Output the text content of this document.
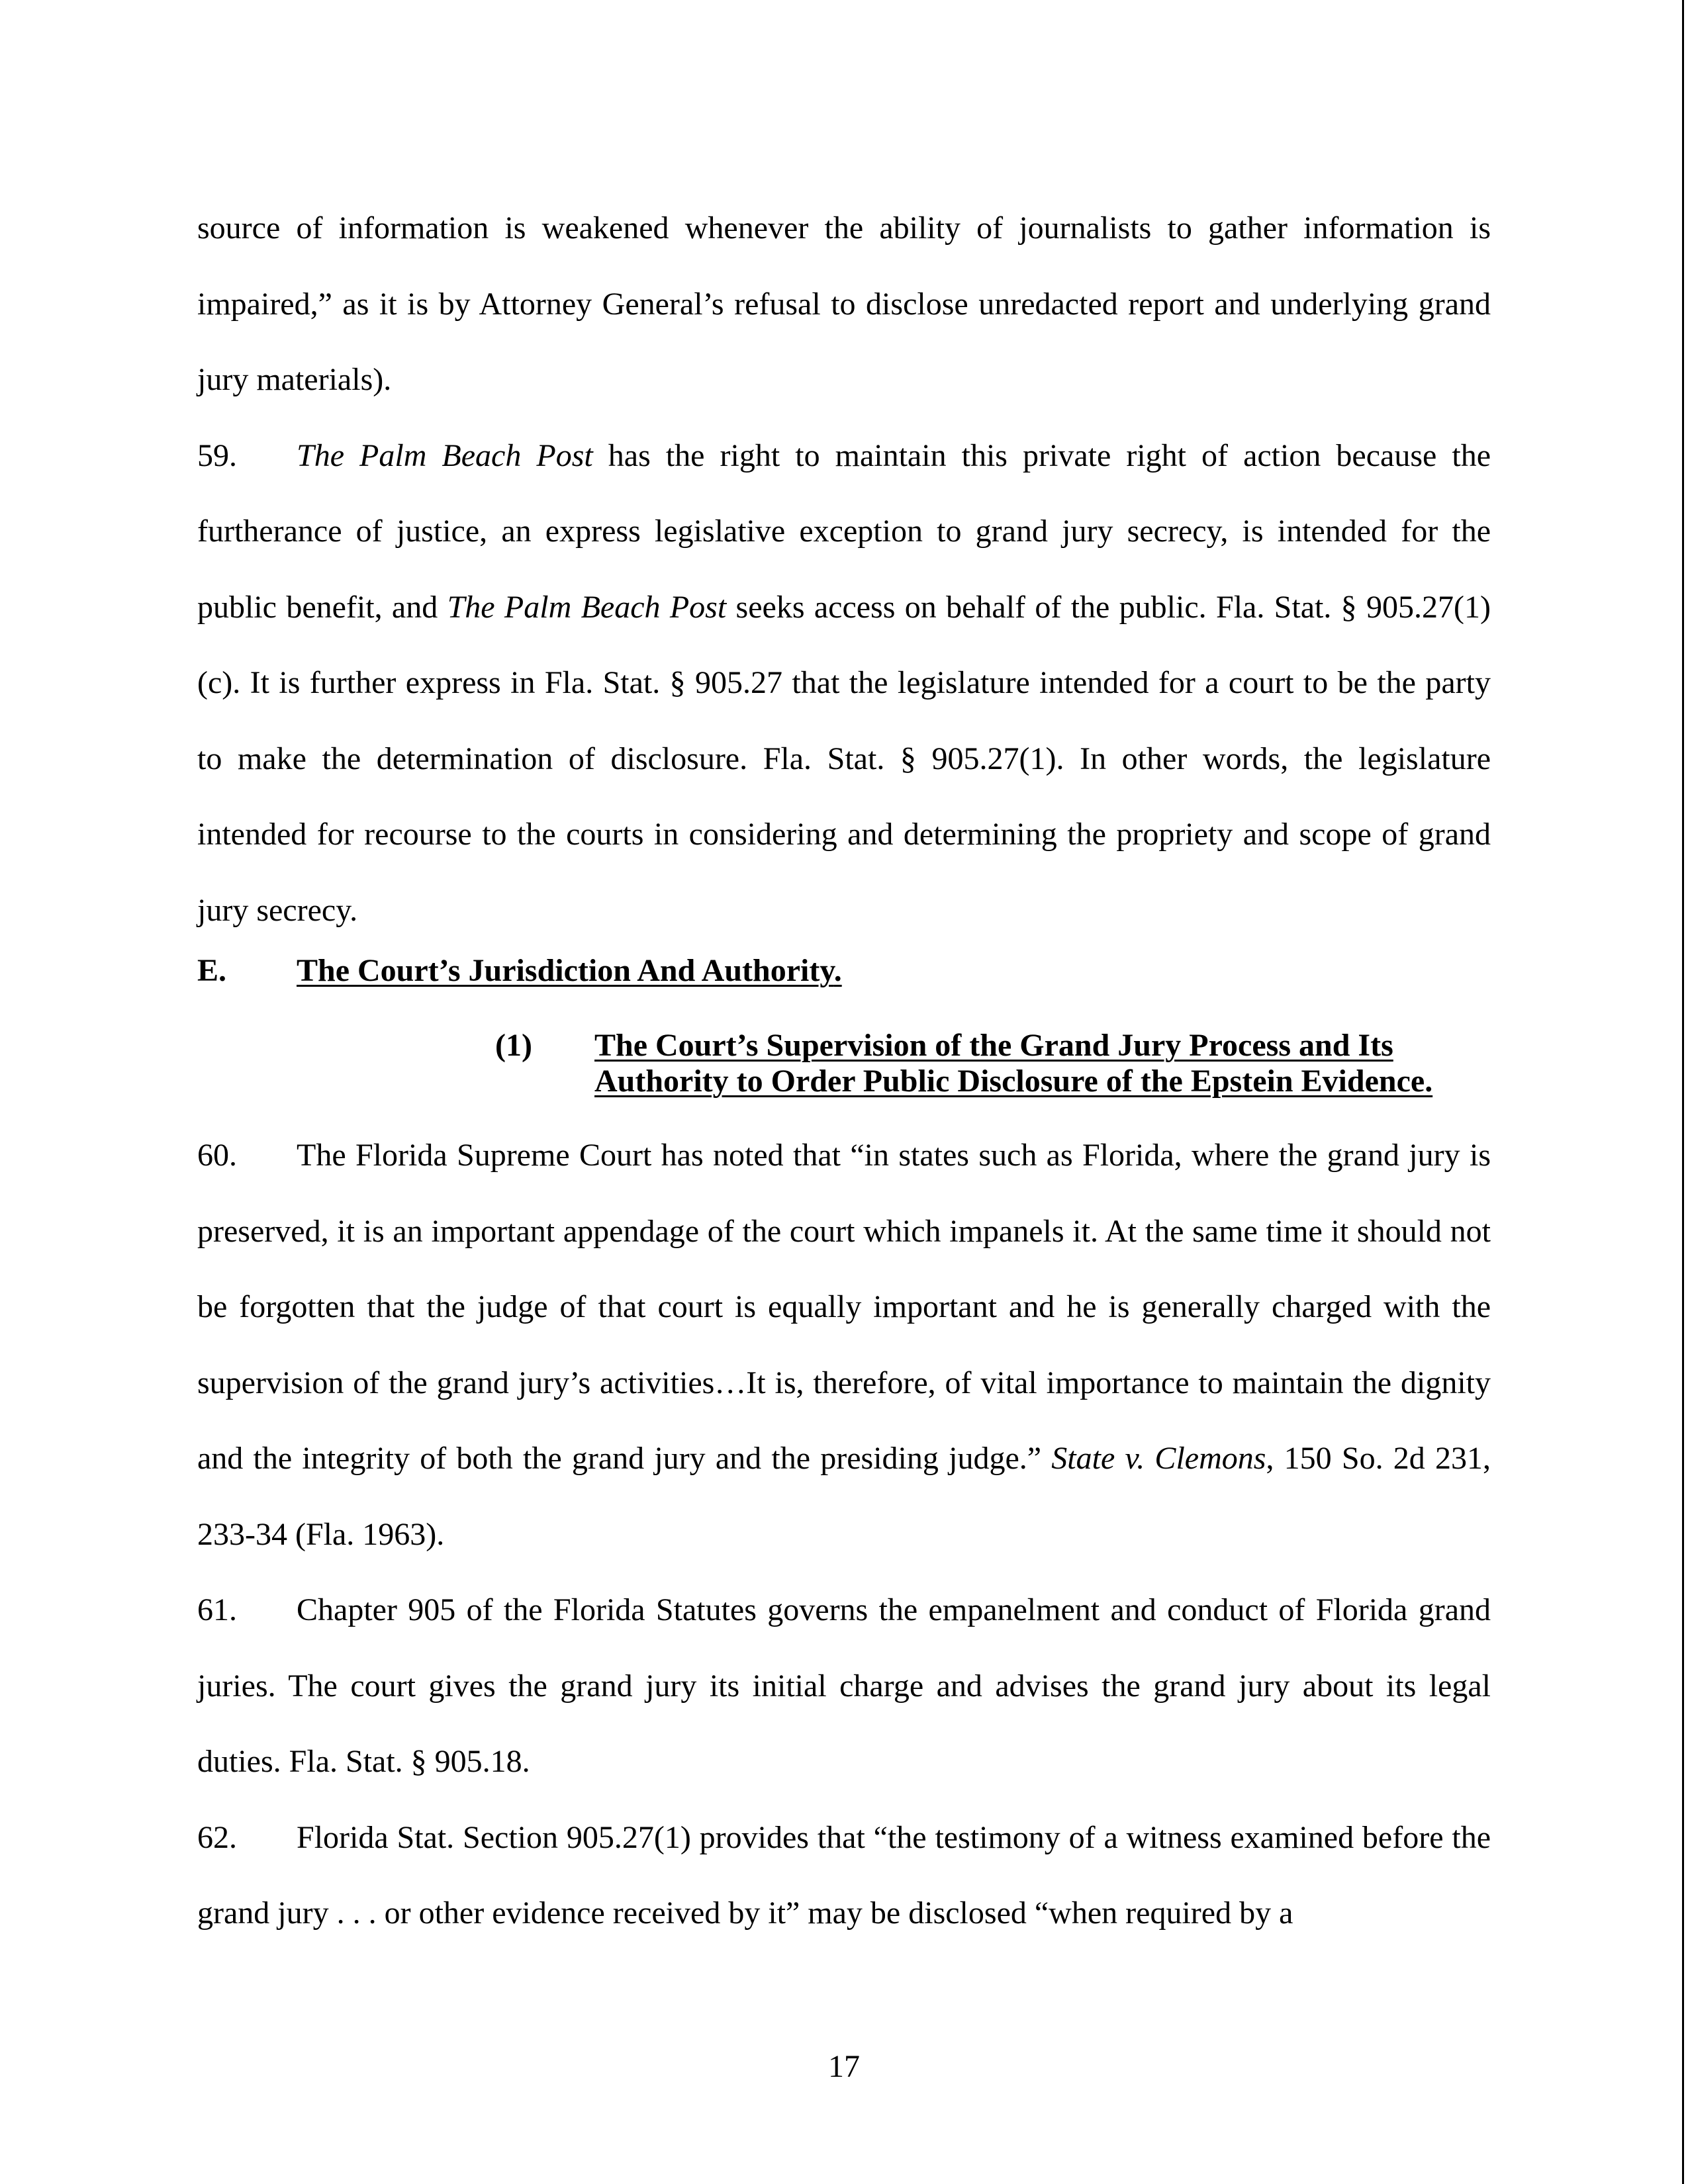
source of information is weakened whenever the ability of journalists to gather information is impaired,” as it is by Attorney General’s refusal to disclose unredacted report and underlying grand jury materials).

59. The Palm Beach Post has the right to maintain this private right of action because the furtherance of justice, an express legislative exception to grand jury secrecy, is intended for the public benefit, and The Palm Beach Post seeks access on behalf of the public. Fla. Stat. § 905.27(1)(c). It is further express in Fla. Stat. § 905.27 that the legislature intended for a court to be the party to make the determination of disclosure. Fla. Stat. § 905.27(1). In other words, the legislature intended for recourse to the courts in considering and determining the propriety and scope of grand jury secrecy.

E. The Court’s Jurisdiction And Authority.
(1) The Court’s Supervision of the Grand Jury Process and Its
Authority to Order Public Disclosure of the Epstein Evidence.

60. The Florida Supreme Court has noted that “in states such as Florida, where the grand jury is preserved, it is an important appendage of the court which impanels it. At the same time it should not be forgotten that the judge of that court is equally important and he is generally charged with the supervision of the grand jury’s activities…It is, therefore, of vital importance to maintain the dignity and the integrity of both the grand jury and the presiding judge.” State v. Clemons, 150 So. 2d 231, 233-34 (Fla. 1963).

61. Chapter 905 of the Florida Statutes governs the empanelment and conduct of Florida grand juries. The court gives the grand jury its initial charge and advises the grand jury about its legal duties. Fla. Stat. § 905.18.

62. Florida Stat. Section 905.27(1) provides that “the testimony of a witness examined before the grand jury . . . or other evidence received by it” may be disclosed “when required by a

17
